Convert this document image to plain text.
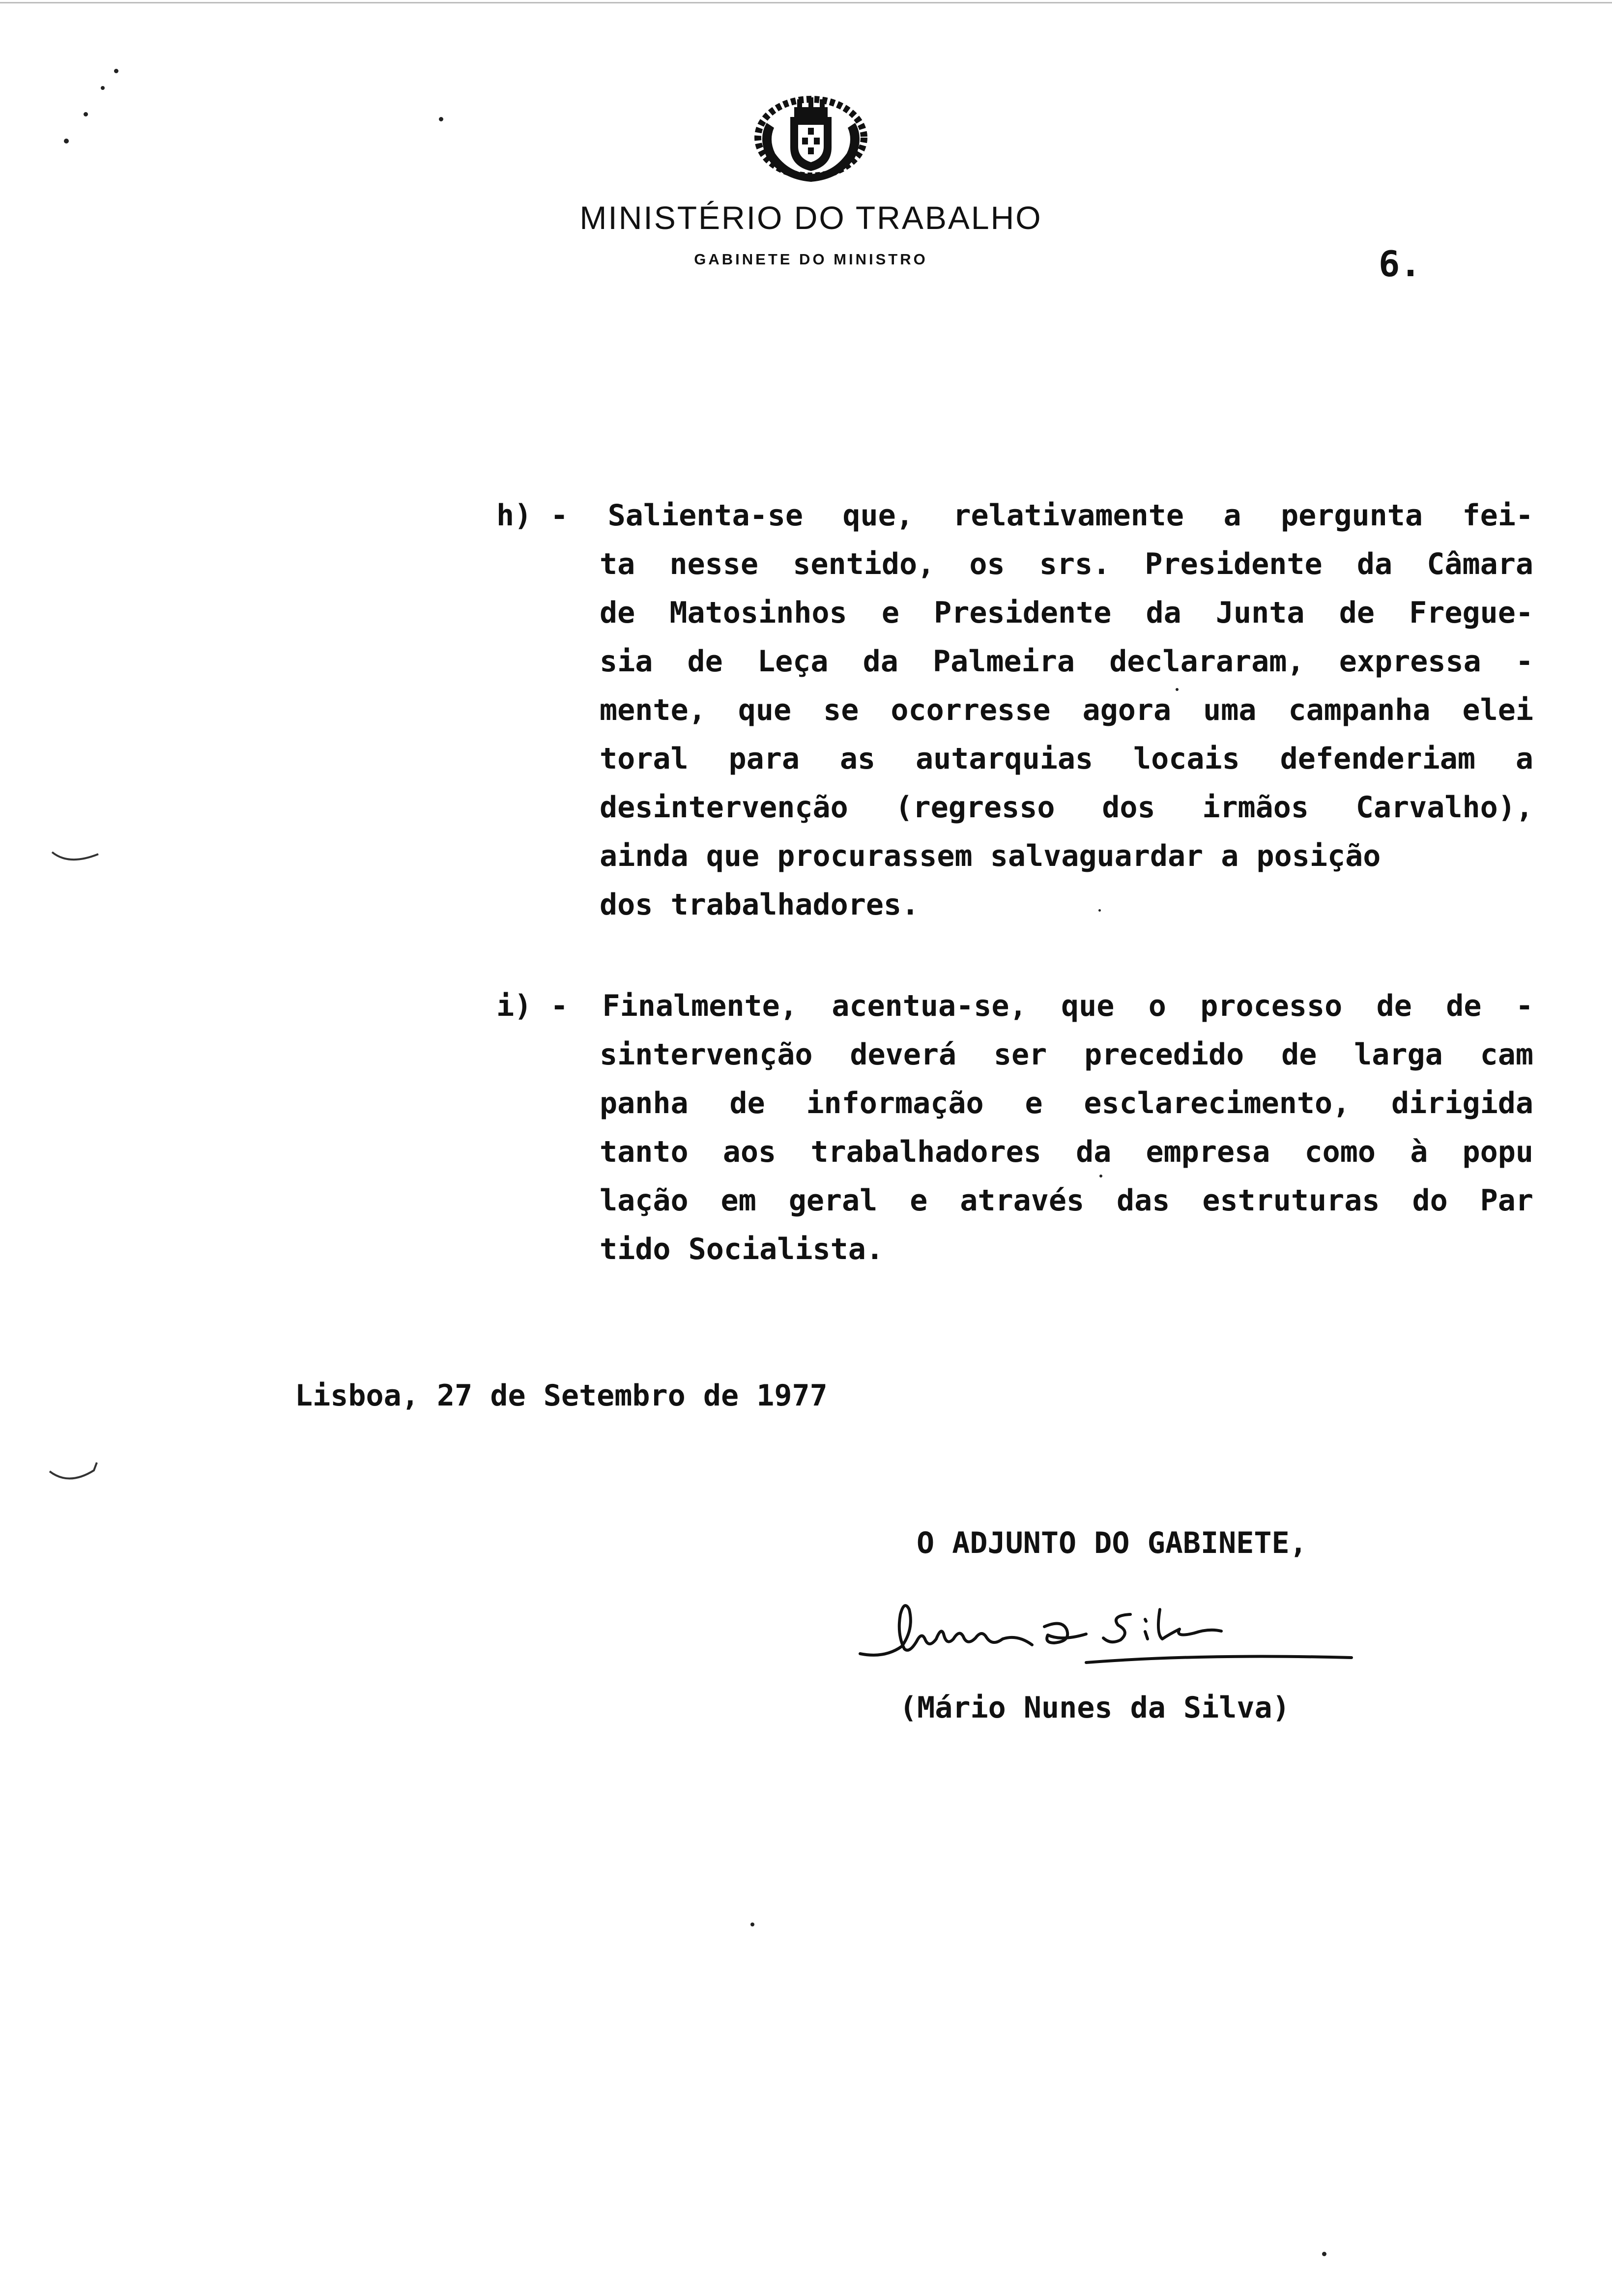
MINISTÉRIO DO TRABALHO
GABINETE DO MINISTRO	6.
h) - Salienta-se que, relativamente a pergunta fei-
ta nesse sentido, os srs. Presidente da Câmara
de Matosinhos e Presidente da Junta de Fregue-
sia de Leça da Palmeira declararam, expressa -
mente, que se ocorresse agora uma campanha elei
toral para as autarquias locais defenderiam a
desintervenção (regresso dos irmãos Carvalho),
ainda que procurassem salvaguardar a posição
dos trabalhadores.
i) - Finalmente, acentua-se, que o processo de de -
sintervenção deverá ser precedido de larga cam
panha de informação e esclarecimento, dirigida
tanto aos trabalhadores da empresa como à popu
lação em geral e através das estruturas do Par
tido Socialista.
Lisboa, 27 de Setembro de 1977
O ADJUNTO DO GABINETE,
(Mário Nunes da Silva)
